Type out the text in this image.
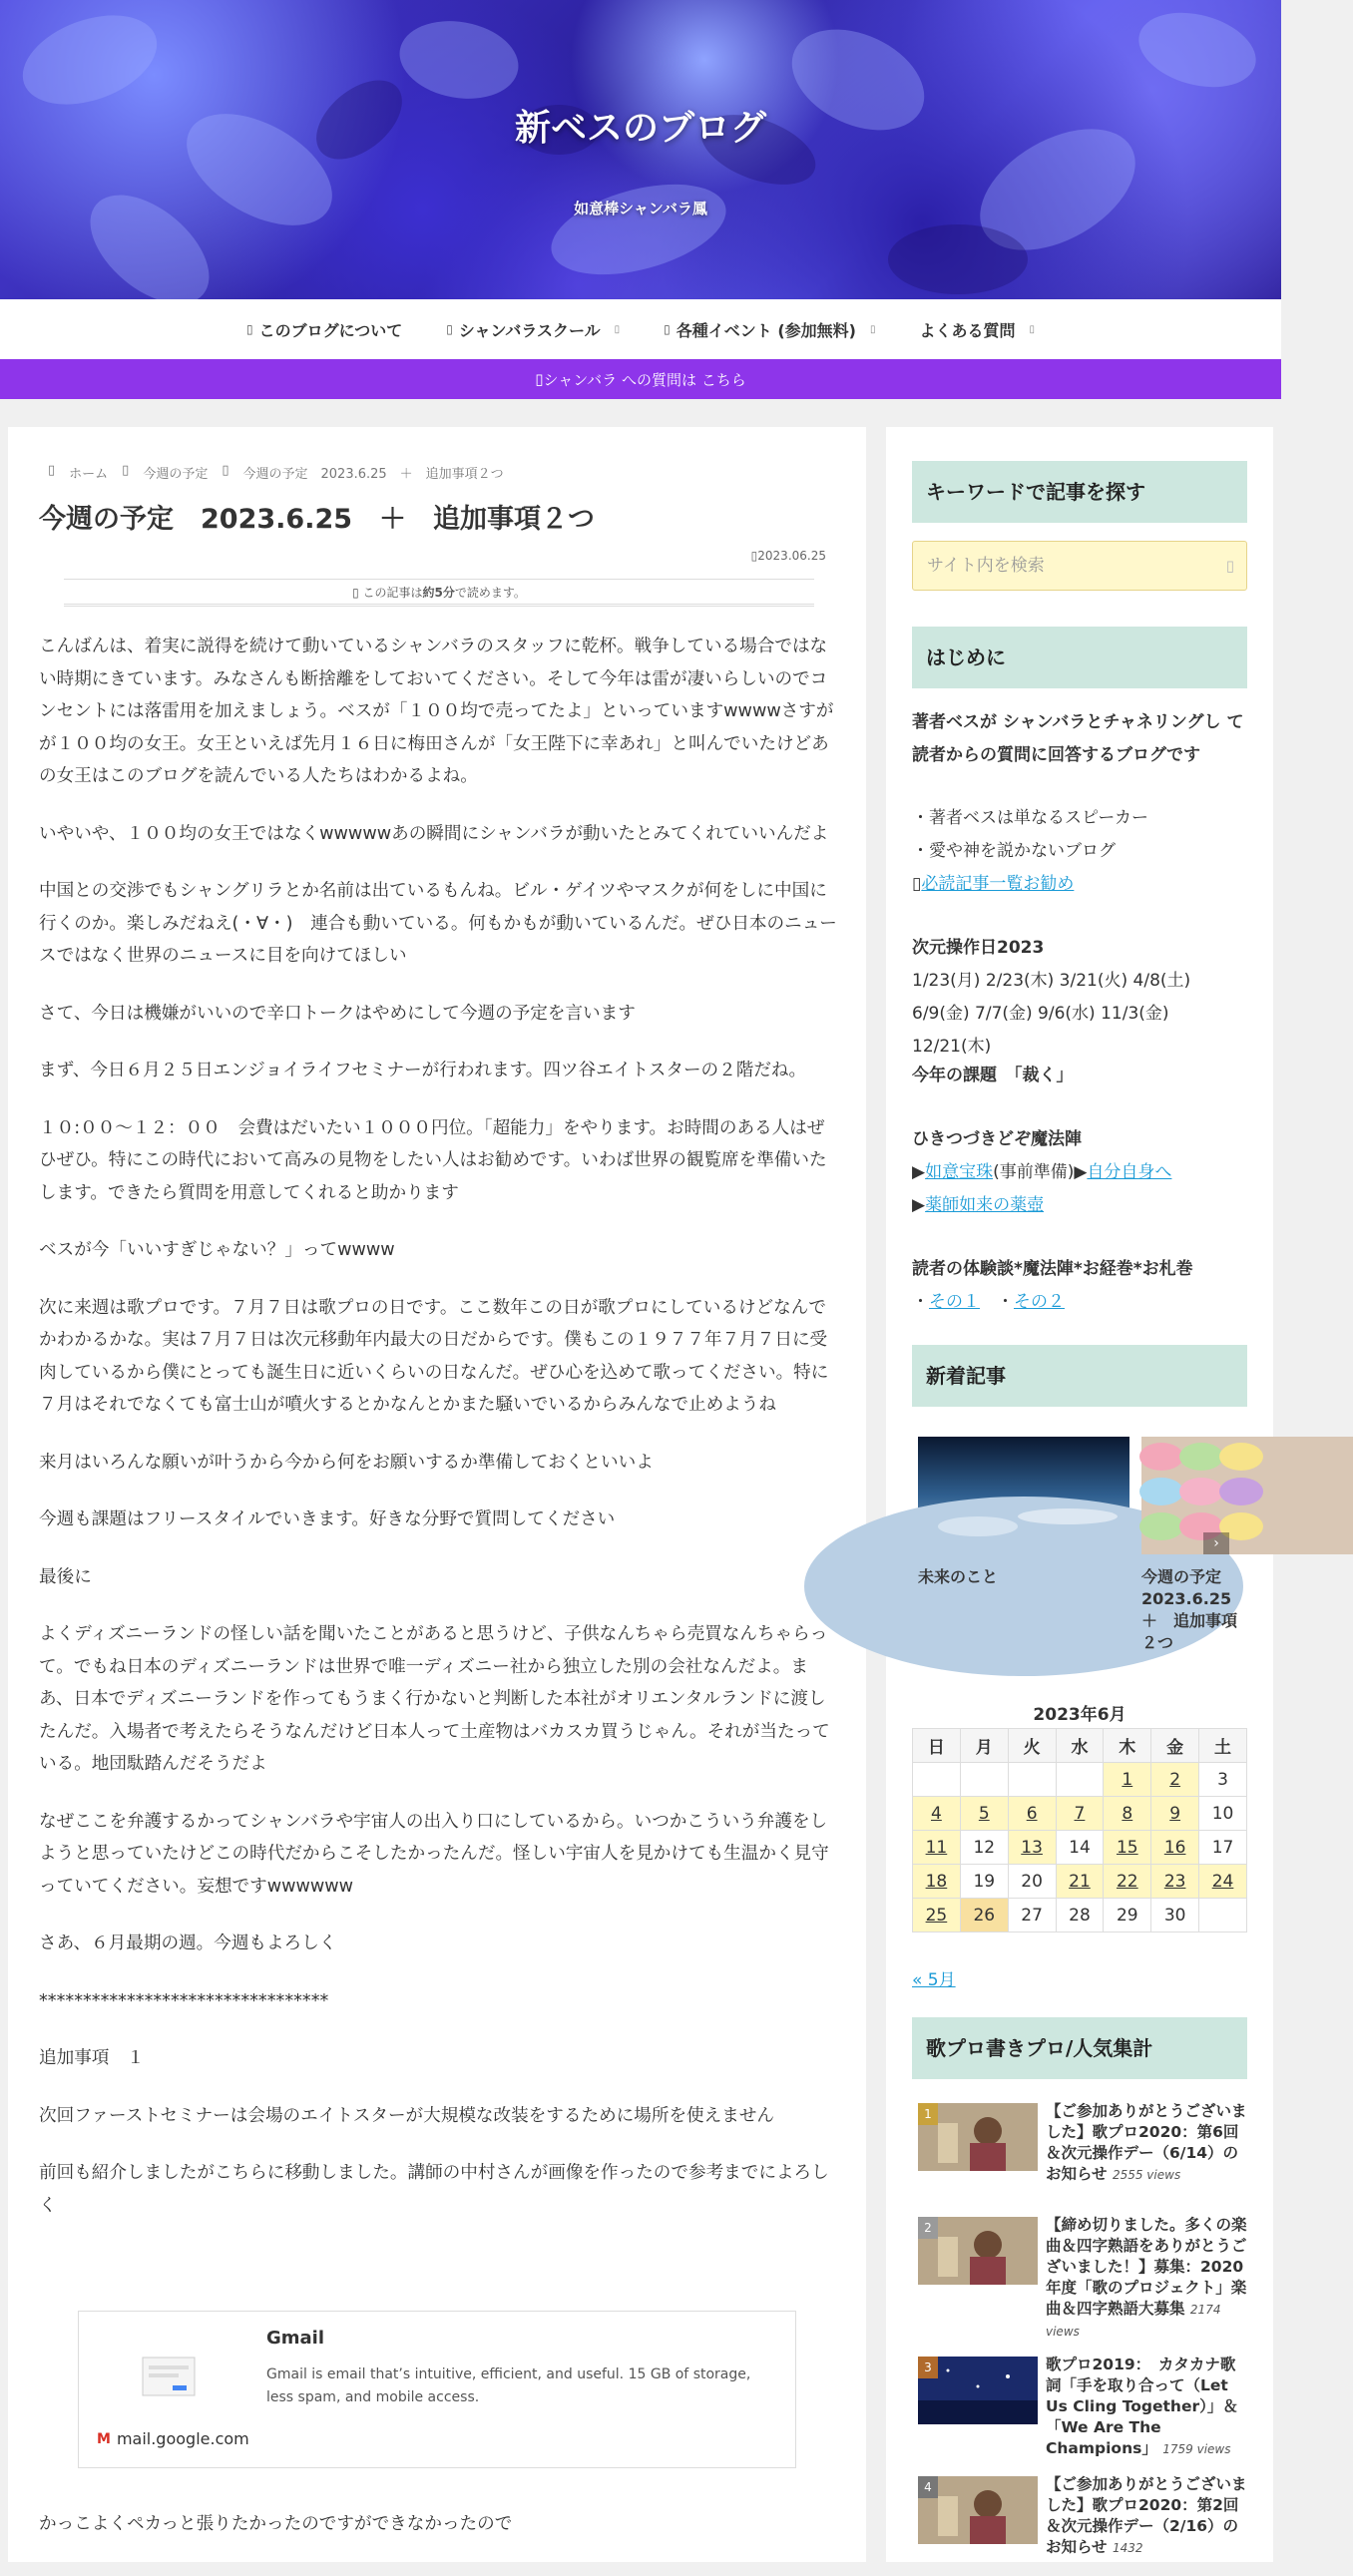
新ベスのブログ
如意棒シャンバラ鳳
▯ このブログについて	▯ シャンバラスクール ▯	▯ 各種イベント (参加無料) ▯	よくある質問 ▯
▯ シャンバラ への質問は こちら
▯ ホーム ▯ 今週の予定 ▯ 今週の予定　2023.6.25　＋　追加事項２つ
今週の予定　2023.6.25　＋　追加事項２つ
▯2023.06.25
▯ この記事は約5分で読めます。

こんばんは、着実に説得を続けて動いているシャンバラのスタッフに乾杯。戦争している場合ではない時期にきています。みなさんも断捨離をしておいてください。そして今年は雷が凄いらしいのでコンセントには落雷用を加えましょう。ベスが「１００均で売ってたよ」といっていますwwwwさすがが１００均の女王。女王といえば先月１６日に梅田さんが「女王陛下に幸あれ」と叫んでいたけどあの女王はこのブログを読んでいる人たちはわかるよね。

いやいや、１００均の女王ではなくwwwwwあの瞬間にシャンバラが動いたとみてくれていいんだよ

中国との交渉でもシャングリラとか名前は出ているもんね。ビル・ゲイツやマスクが何をしに中国に行くのか。楽しみだねえ(・∀・)　連合も動いている。何もかもが動いているんだ。ぜひ日本のニュースではなく世界のニュースに目を向けてほしい

さて、今日は機嫌がいいので辛口トークはやめにして今週の予定を言います

まず、今日６月２５日エンジョイライフセミナーが行われます。四ツ谷エイトスターの２階だね。

１０:００〜１２：００　会費はだいたい１０００円位。「超能力」をやります。お時間のある人はぜひぜひ。特にこの時代において高みの見物をしたい人はお勧めです。いわば世界の観覧席を準備いたします。できたら質問を用意してくれると助かります

ベスが今「いいすぎじゃない？」ってwwww

次に来週は歌プロです。７月７日は歌プロの日です。ここ数年この日が歌プロにしているけどなんでかわかるかな。実は７月７日は次元移動年内最大の日だからです。僕もこの１９７７年７月７日に受肉しているから僕にとっても誕生日に近いくらいの日なんだ。ぜひ心を込めて歌ってください。特に７月はそれでなくても富士山が噴火するとかなんとかまた騒いでいるからみんなで止めようね

来月はいろんな願いが叶うから今から何をお願いするか準備しておくといいよ

今週も課題はフリースタイルでいきます。好きな分野で質問してください

最後に

よくディズニーランドの怪しい話を聞いたことがあると思うけど、子供なんちゃら売買なんちゃらって。でもね日本のディズニーランドは世界で唯一ディズニー社から独立した別の会社なんだよ。まあ、日本でディズニーランドを作ってもうまく行かないと判断した本社がオリエンタルランドに渡したんだ。入場者で考えたらそうなんだけど日本人って土産物はバカスカ買うじゃん。それが当たっている。地団駄踏んだそうだよ

なぜここを弁護するかってシャンバラや宇宙人の出入り口にしているから。いつかこういう弁護をしようと思っていたけどこの時代だからこそしたかったんだ。怪しい宇宙人を見かけても生温かく見守っていてください。妄想ですwwwwww

さあ、６月最期の週。今週もよろしく

*********************************

追加事項　１

次回ファーストセミナーは会場のエイトスターが大規模な改装をするために場所を使えません

前回も紹介しましたがこちらに移動しました。講師の中村さんが画像を作ったので参考までによろしく

Gmail
Gmail is email that’s intuitive, efficient, and useful. 15 GB of storage, less spam, and mobile access.
M mail.google.com
かっこよくペカっと張りたかったのですができなかったので
キーワードで記事を探す
サイト内を検索	▯
はじめに
著者ベスが シャンバラとチャネリングし て 読者からの質問に回答するブログです
・著者ベスは単なるスピーカー
・愛や神を説かないブログ
▯必読記事一覧お勧め
次元操作日2023
1/23(月) 2/23(木) 3/21(火) 4/8(土) 6/9(金) 7/7(金) 9/6(水) 11/3(金) 12/21(木)
今年の課題　「裁く」
ひきつづきどぞ魔法陣
▶如意宝珠(事前準備)▶自分自身へ
▶薬師如来の薬壺
読者の体験談*魔法陣*お経巻*お札巻
・その１　・その２
新着記事
未来のこと	今週の予定　2023.6.25　＋　追加事項２つ
›
2023年6月
日	月	火	水	木	金	土
				1	2	3
4	5	6	7	8	9	10
11	12	13	14	15	16	17
18	19	20	21	22	23	24
25	26	27	28	29	30	
« 5月
歌プロ書きプロ/人気集計
1	【ご参加ありがとうございました】歌プロ2020：第6回＆次元操作デー（6/14）のお知らせ 2555 views
2	【締め切りました。多くの楽曲＆四字熟語をありがとうございました！】募集：2020年度「歌のプロジェクト」楽曲＆四字熟語大募集 2174 views
3	歌プロ2019：　カタカナ歌詞「手を取り合って（Let Us Cling Together）」＆「We Are The Champions」 1759 views
4	【ご参加ありがとうございました】歌プロ2020：第2回＆次元操作デー（2/16）のお知らせ 1432
